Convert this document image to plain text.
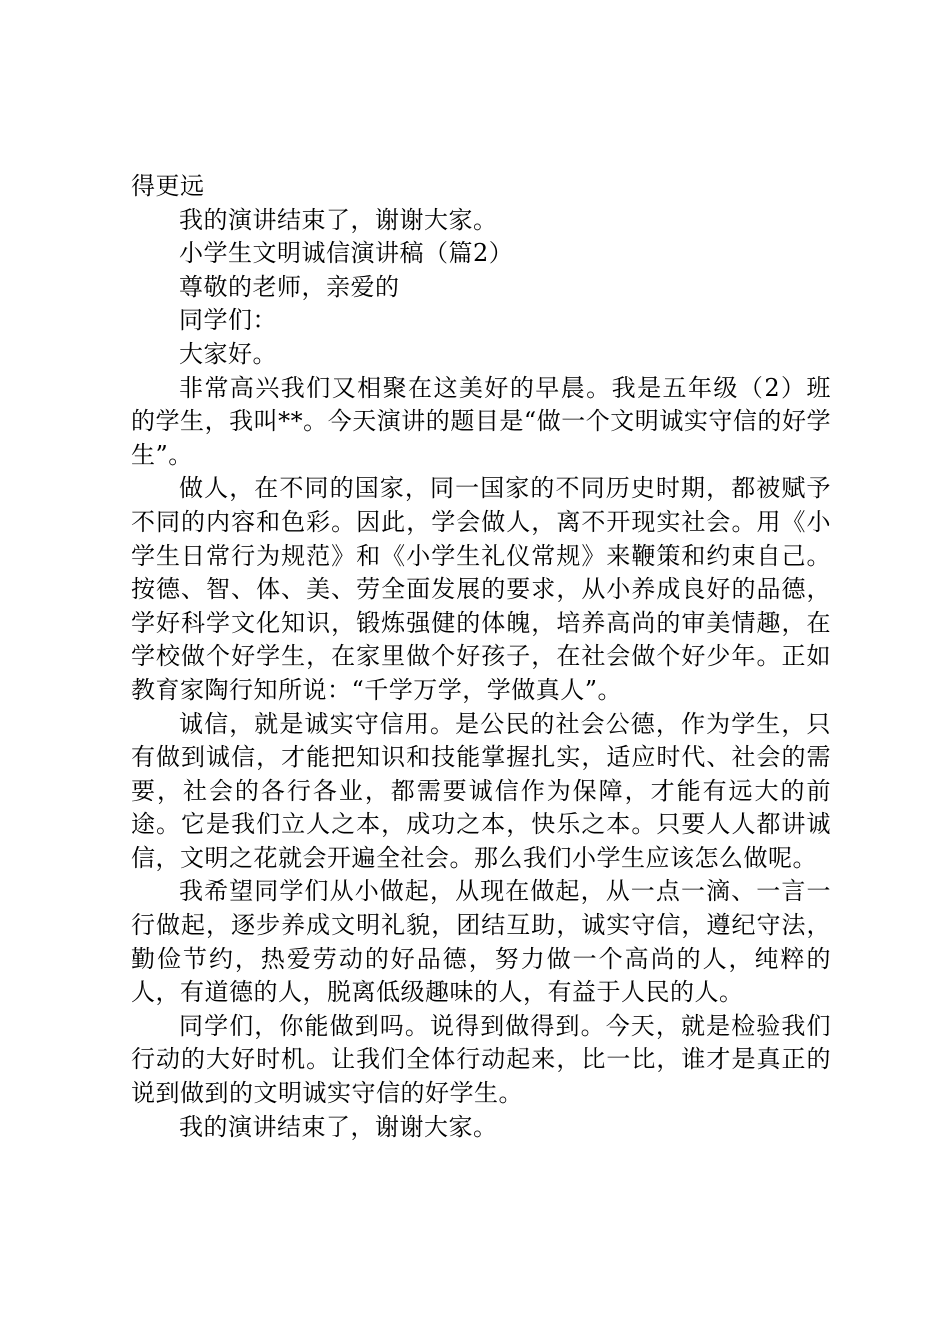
得更远

我的演讲结束了，谢谢大家。

小学生文明诚信演讲稿（篇2）

尊敬的老师，亲爱的

同学们：

大家好。

非常高兴我们又相聚在这美好的早晨。我是五年级（2）班的学生，我叫**。今天演讲的题目是“做一个文明诚实守信的好学生”。

做人，在不同的国家，同一国家的不同历史时期，都被赋予不同的内容和色彩。因此，学会做人，离不开现实社会。用《小学生日常行为规范》和《小学生礼仪常规》来鞭策和约束自己。按德、智、体、美、劳全面发展的要求，从小养成良好的品德，学好科学文化知识，锻炼强健的体魄，培养高尚的审美情趣，在学校做个好学生，在家里做个好孩子，在社会做个好少年。正如教育家陶行知所说：“千学万学，学做真人”。

诚信，就是诚实守信用。是公民的社会公德，作为学生，只有做到诚信，才能把知识和技能掌握扎实，适应时代、社会的需要，社会的各行各业，都需要诚信作为保障，才能有远大的前途。它是我们立人之本，成功之本，快乐之本。只要人人都讲诚信，文明之花就会开遍全社会。那么我们小学生应该怎么做呢。

我希望同学们从小做起，从现在做起，从一点一滴、一言一行做起，逐步养成文明礼貌，团结互助，诚实守信，遵纪守法，勤俭节约，热爱劳动的好品德，努力做一个高尚的人，纯粹的人，有道德的人，脱离低级趣味的人，有益于人民的人。

同学们，你能做到吗。说得到做得到。今天，就是检验我们行动的大好时机。让我们全体行动起来，比一比，谁才是真正的说到做到的文明诚实守信的好学生。

我的演讲结束了，谢谢大家。
